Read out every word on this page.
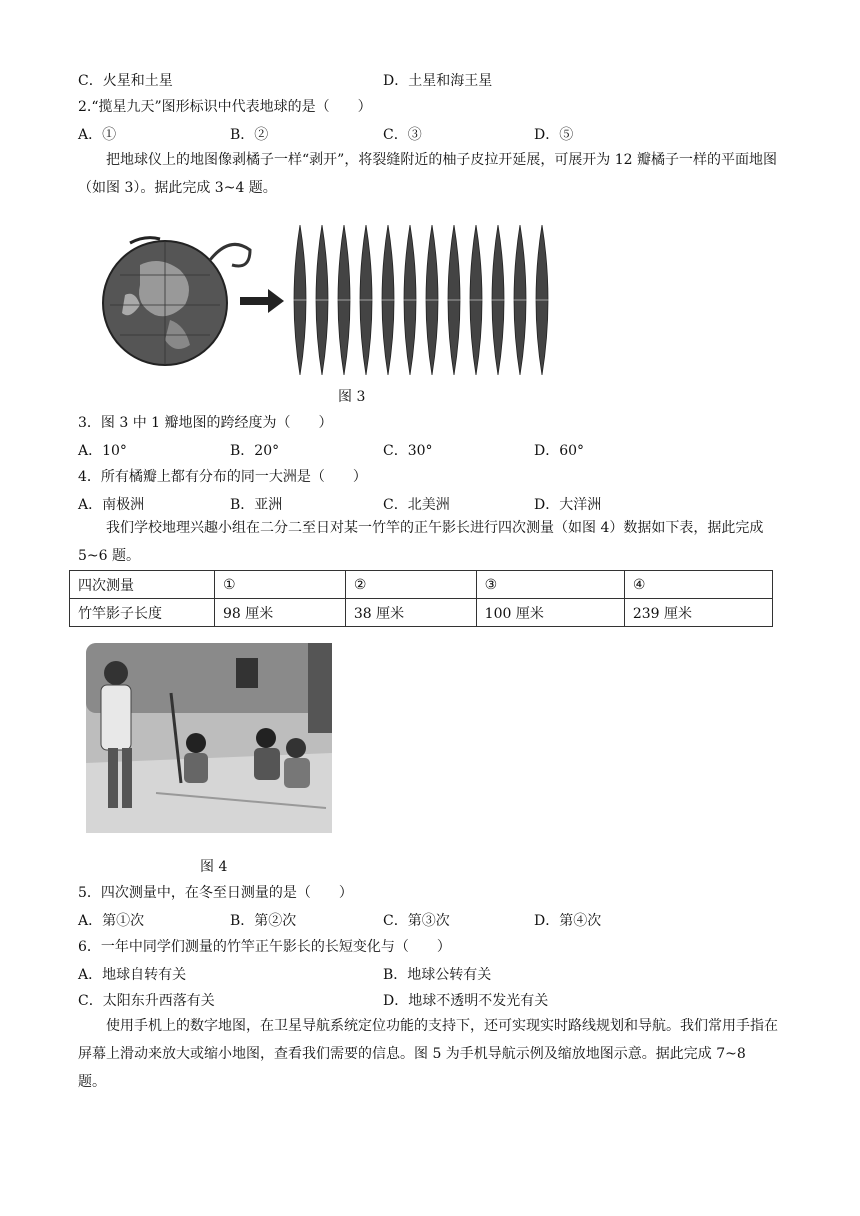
C．火星和土星	D．土星和海王星
2.“揽星九天”图形标识中代表地球的是（　　）
A．①	B．②	C．③	D．⑤
把地球仪上的地图像剥橘子一样“剥开”，将裂缝附近的柚子皮拉开延展，可展开为 12 瓣橘子一样的平面地图（如图 3）。据此完成 3~4 题。
图 3
3．图 3 中 1 瓣地图的跨经度为（　　）
A．10°	B．20°	C．30°	D．60°
4．所有橘瓣上都有分布的同一大洲是（　　）
A．南极洲	B．亚洲	C．北美洲	D．大洋洲
我们学校地理兴趣小组在二分二至日对某一竹竿的正午影长进行四次测量（如图 4）数据如下表，据此完成 5~6 题。
四次测量	①	②	③	④
竹竿影子长度	98 厘米	38 厘米	100 厘米	239 厘米
图 4
5．四次测量中，在冬至日测量的是（　　）
A．第①次	B．第②次	C．第③次	D．第④次
6．一年中同学们测量的竹竿正午影长的长短变化与（　　）
A．地球自转有关	B．地球公转有关
C．太阳东升西落有关	D．地球不透明不发光有关
使用手机上的数字地图，在卫星导航系统定位功能的支持下，还可实现实时路线规划和导航。我们常用手指在屏幕上滑动来放大或缩小地图，查看我们需要的信息。图 5 为手机导航示例及缩放地图示意。据此完成 7~8 题。
